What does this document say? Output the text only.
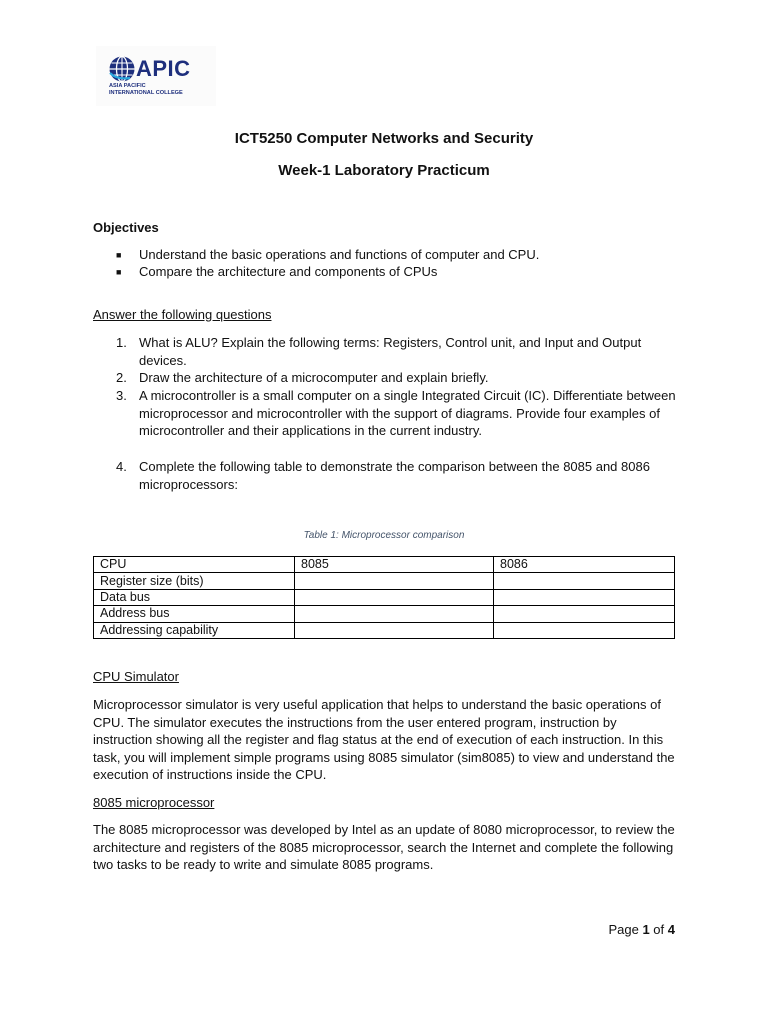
APIC
ASIA PACIFIC
INTERNATIONAL COLLEGE
ICT5250 Computer Networks and Security
Week-1 Laboratory Practicum
Objectives
■ Understand the basic operations and functions of computer and CPU.
■ Compare the architecture and components of CPUs
Answer the following questions
1. What is ALU? Explain the following terms: Registers, Control unit, and Input and Output devices.
2. Draw the architecture of a microcomputer and explain briefly.
3. A microcontroller is a small computer on a single Integrated Circuit (IC). Differentiate between microprocessor and microcontroller with the support of diagrams. Provide four examples of microcontroller and their applications in the current industry.
4. Complete the following table to demonstrate the comparison between the 8085 and 8086 microprocessors:
Table 1: Microprocessor comparison
CPU	8085	8086
Register size (bits)		
Data bus		
Address bus		
Addressing capability		
CPU Simulator
Microprocessor simulator is very useful application that helps to understand the basic operations of CPU. The simulator executes the instructions from the user entered program, instruction by instruction showing all the register and flag status at the end of execution of each instruction. In this task, you will implement simple programs using 8085 simulator (sim8085) to view and understand the execution of instructions inside the CPU.
8085 microprocessor
The 8085 microprocessor was developed by Intel as an update of 8080 microprocessor, to review the architecture and registers of the 8085 microprocessor, search the Internet and complete the following two tasks to be ready to write and simulate 8085 programs.
Page 1 of 4
